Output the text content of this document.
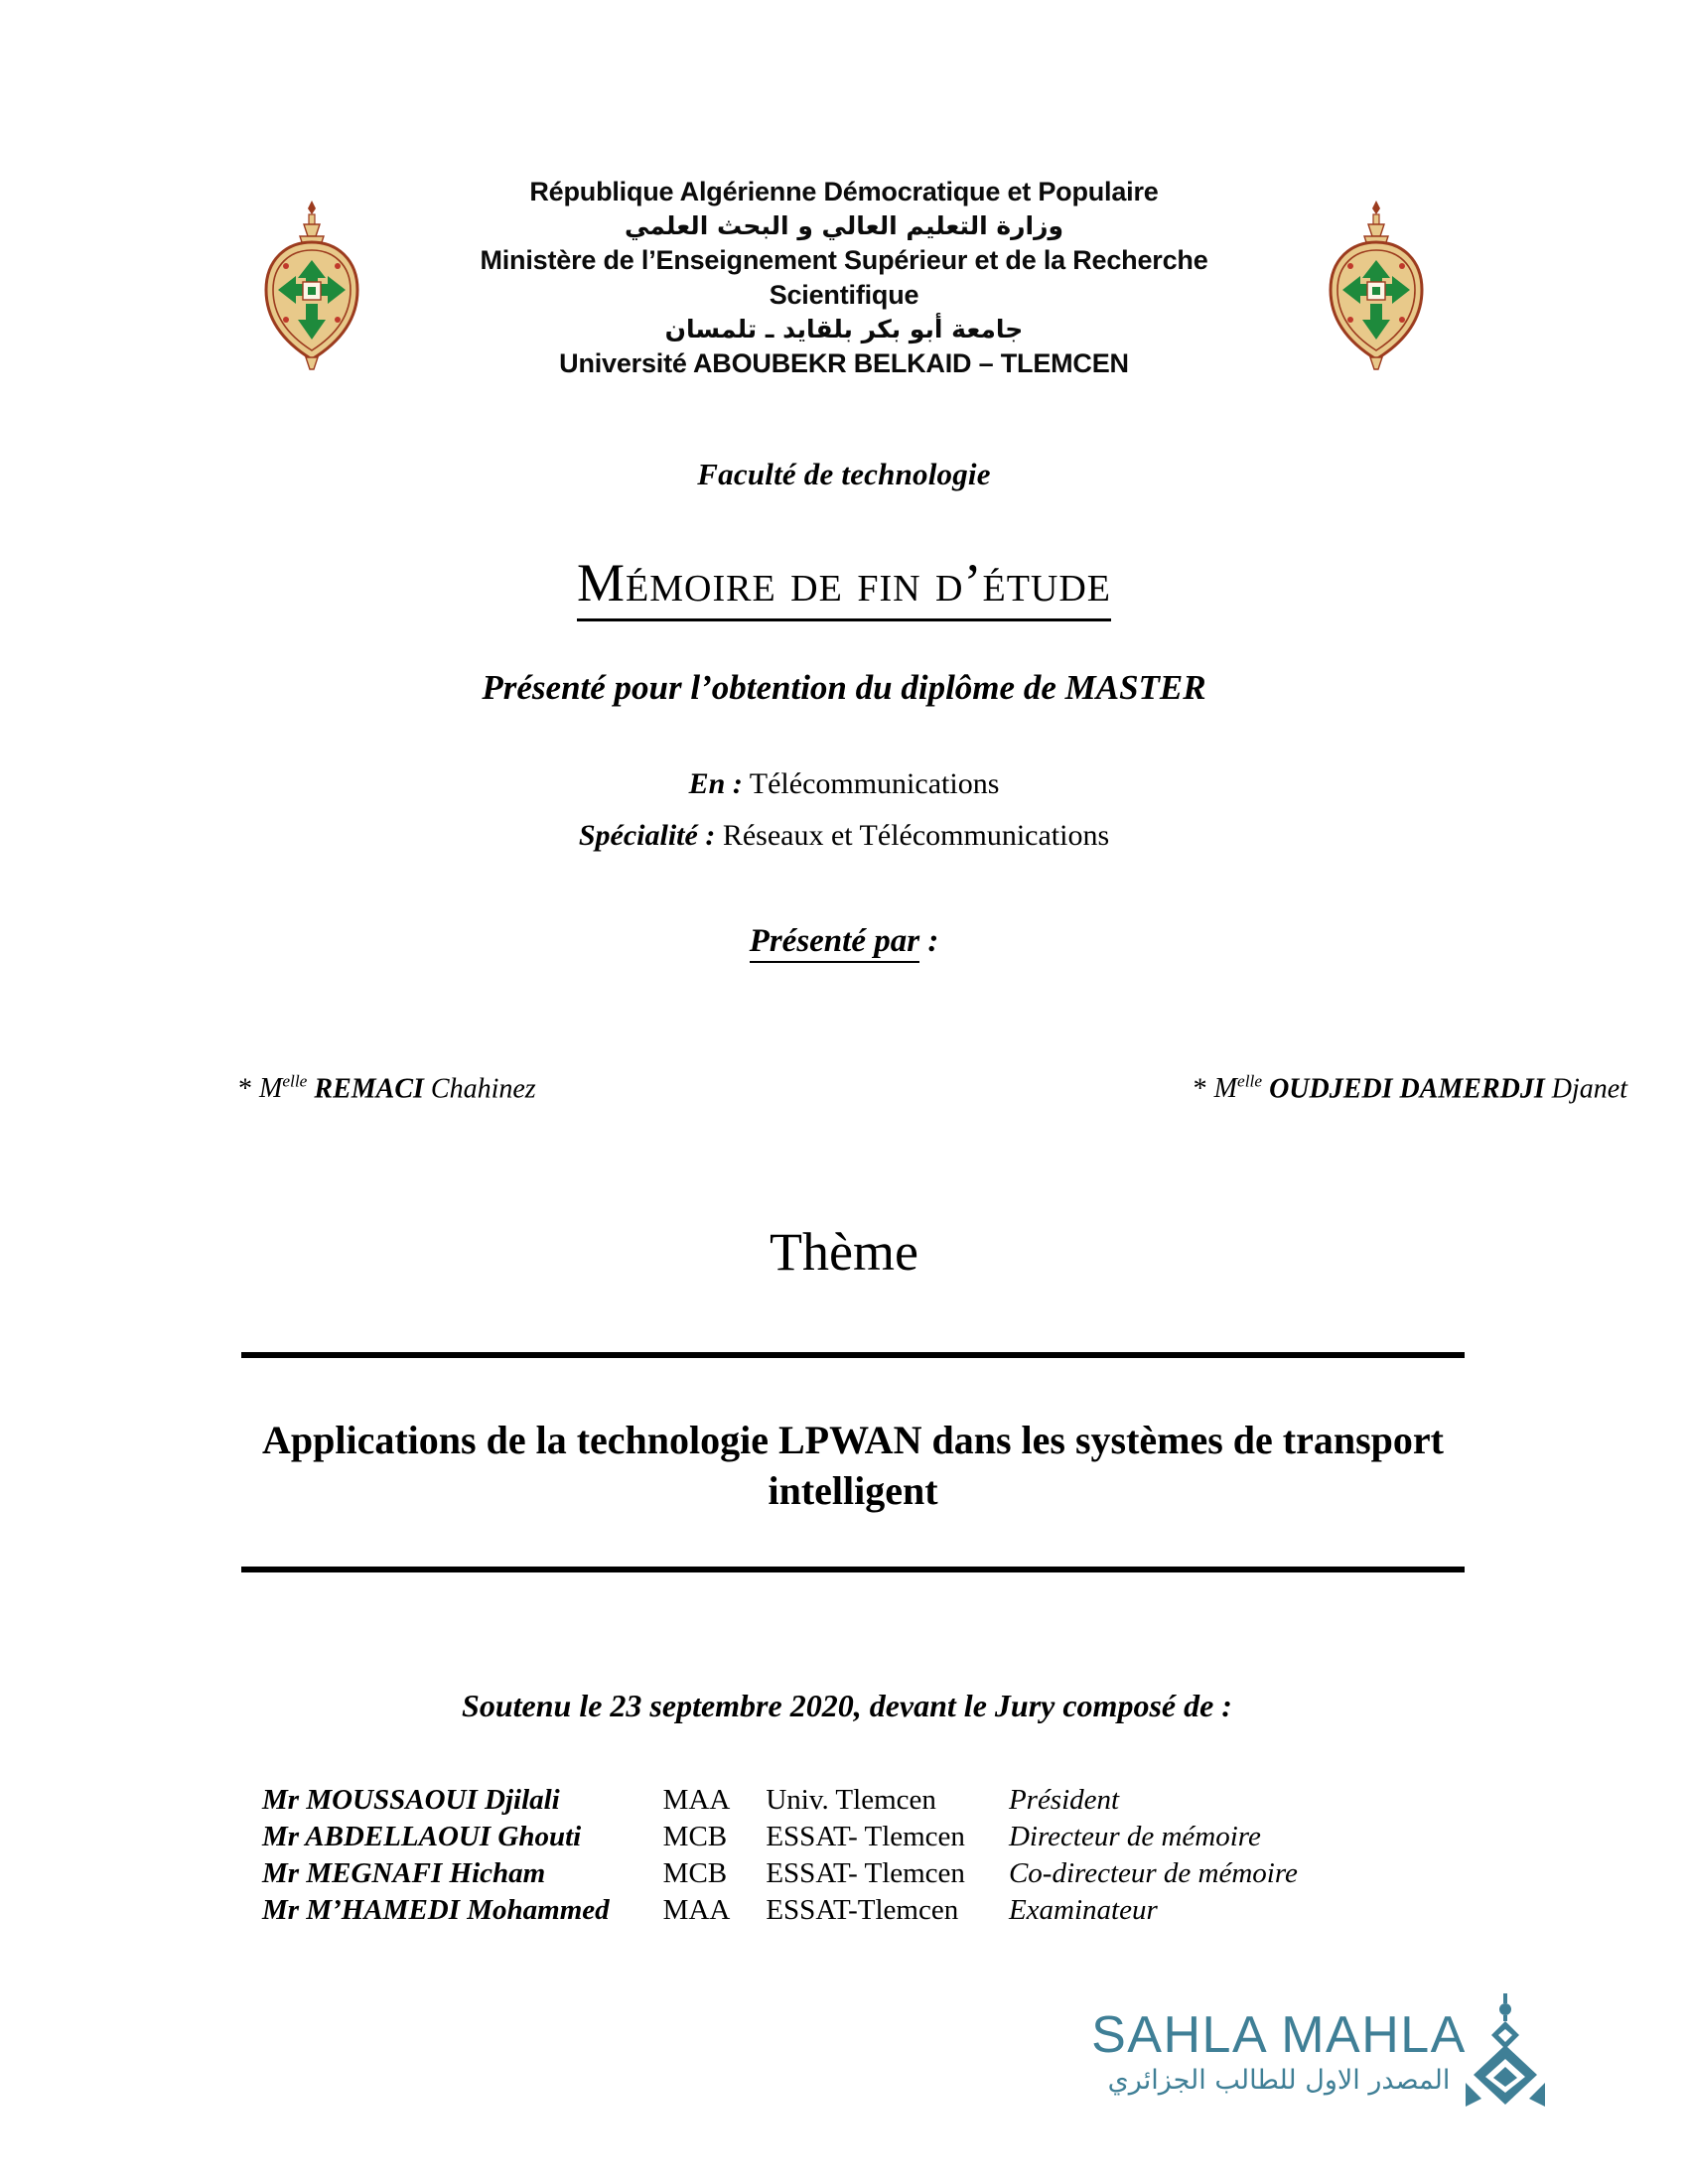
République Algérienne Démocratique et Populaire
وزارة التعليم العالي و البحث العلمي
Ministère de l’Enseignement Supérieur et de la Recherche
Scientifique
جامعة أبو بكر بلقايد ـ تلمسان
Université ABOUBEKR BELKAID – TLEMCEN
Faculté de technologie
Mémoire de fin d’étude
Présenté pour l’obtention du diplôme de MASTER
En : Télécommunications
Spécialité : Réseaux et Télécommunications
Présenté par :
* $M^{elle}$ REMACI Chahinez	* $M^{elle}$ OUDJEDI DAMERDJI Djanet
Thème
Applications de la technologie LPWAN dans les systèmes de transport intelligent
Soutenu le 23 septembre 2020, devant le Jury composé de :
Mr MOUSSAOUI Djilali	MAA	Univ. Tlemcen	Président
Mr ABDELLAOUI Ghouti	MCB	ESSAT- Tlemcen	Directeur de mémoire
Mr MEGNAFI Hicham	MCB	ESSAT- Tlemcen	Co-directeur de mémoire
Mr M’HAMEDI Mohammed	MAA	ESSAT-Tlemcen	Examinateur
SAHLA MAHLA
المصدر الاول للطالب الجزائري
